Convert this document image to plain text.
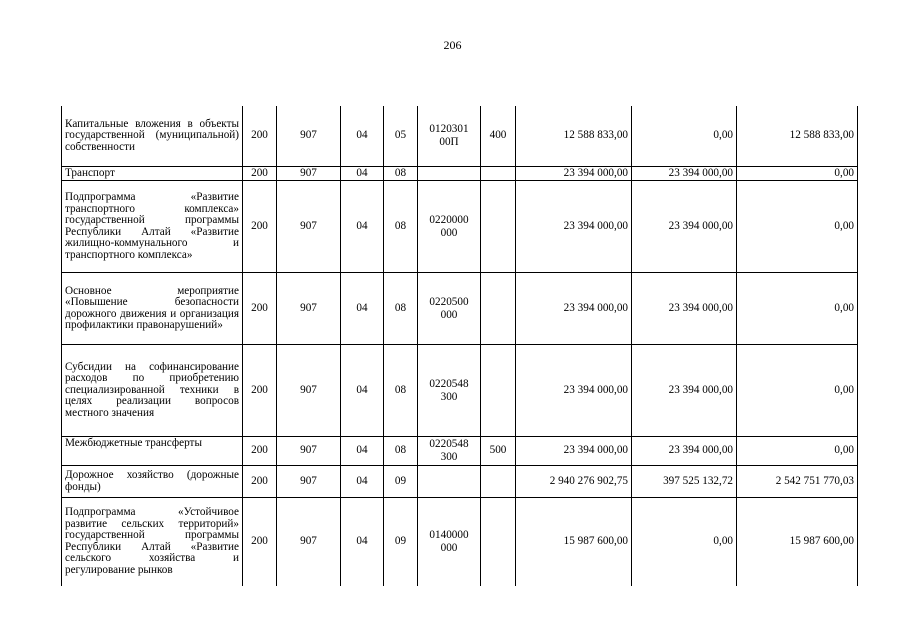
206
Капитальные вложения в объекты государственной (муниципальной) собственности	200	907	04	05	0120301 00П	400	12 588 833,00	0,00	12 588 833,00
Транспорт	200	907	04	08			23 394 000,00	23 394 000,00	0,00
Подпрограмма «Развитие транспортного комплекса» государственной программы Республики Алтай «Развитие жилищно-коммунального и транспортного комплекса»	200	907	04	08	0220000 000		23 394 000,00	23 394 000,00	0,00
Основное мероприятие «Повышение безопасности дорожного движения и организация профилактики правонарушений»	200	907	04	08	0220500 000		23 394 000,00	23 394 000,00	0,00
Субсидии на софинансирование расходов по приобретению специализированной техники в целях реализации вопросов местного значения	200	907	04	08	0220548 300		23 394 000,00	23 394 000,00	0,00
Межбюджетные трансферты	200	907	04	08	0220548 300	500	23 394 000,00	23 394 000,00	0,00
Дорожное хозяйство (дорожные фонды)	200	907	04	09			2 940 276 902,75	397 525 132,72	2 542 751 770,03
Подпрограмма «Устойчивое развитие сельских территорий» государственной программы Республики Алтай «Развитие сельского хозяйства и регулирование рынков	200	907	04	09	0140000 000		15 987 600,00	0,00	15 987 600,00
